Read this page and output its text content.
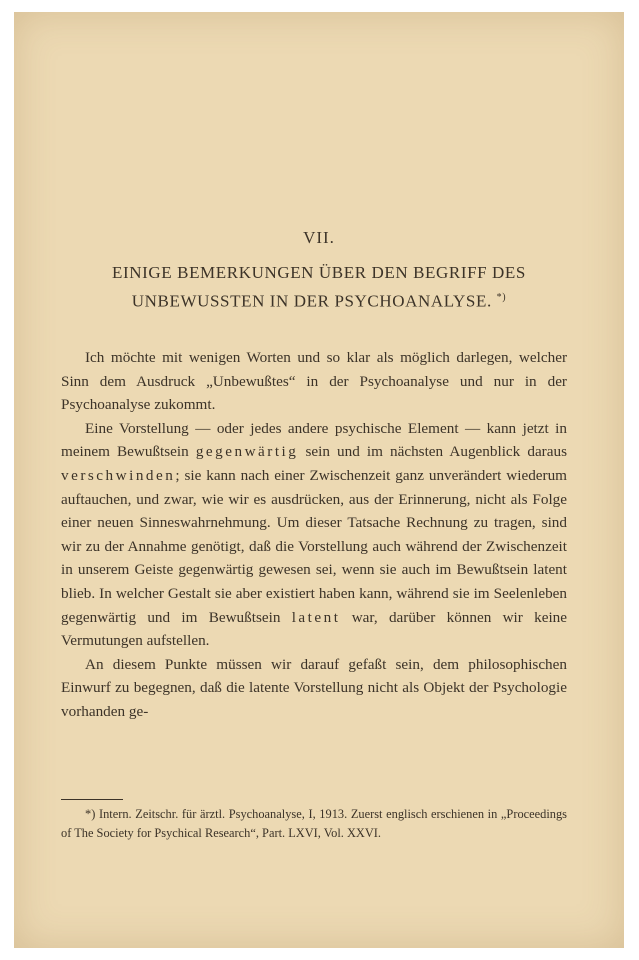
VII.
EINIGE BEMERKUNGEN ÜBER DEN BEGRIFF DES
UNBEWUSSTEN IN DER PSYCHOANALYSE. *)

Ich möchte mit wenigen Worten und so klar als möglich darlegen, welcher Sinn dem Ausdruck „Unbewußtes“ in der Psychoanalyse und nur in der Psychoanalyse zukommt.

Eine Vorstellung — oder jedes andere psychische Element — kann jetzt in meinem Bewußtsein gegenwärtig sein und im nächsten Augenblick daraus verschwinden; sie kann nach einer Zwischenzeit ganz unverändert wiederum auftauchen, und zwar, wie wir es ausdrücken, aus der Erinnerung, nicht als Folge einer neuen Sinneswahrnehmung. Um dieser Tatsache Rechnung zu tragen, sind wir zu der Annahme genötigt, daß die Vorstellung auch während der Zwischenzeit in unserem Geiste gegenwärtig gewesen sei, wenn sie auch im Bewußtsein latent blieb. In welcher Gestalt sie aber existiert haben kann, während sie im Seelenleben gegenwärtig und im Bewußtsein latent war, darüber können wir keine Vermutungen aufstellen.

An diesem Punkte müssen wir darauf gefaßt sein, dem philosophischen Einwurf zu begegnen, daß die latente Vorstellung nicht als Objekt der Psychologie vorhanden ge-

*) Intern. Zeitschr. für ärztl. Psychoanalyse, I, 1913. Zuerst englisch erschienen in „Proceedings of The Society for Psychical Research“, Part. LXVI, Vol. XXVI.
